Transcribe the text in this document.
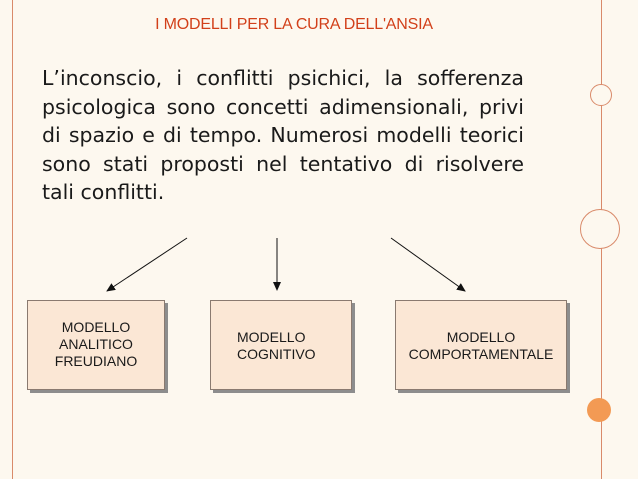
I MODELLI PER LA CURA DELL'ANSIA

L’inconscio, i conflitti psichici, la sofferenza psicologica sono concetti adimensionali, privi di spazio e di tempo. Numerosi modelli teorici sono stati proposti nel tentativo di risolvere tali conflitti.

MODELLO
ANALITICO
FREUDIANO
MODELLO
COGNITIVO
MODELLO
COMPORTAMENTALE
